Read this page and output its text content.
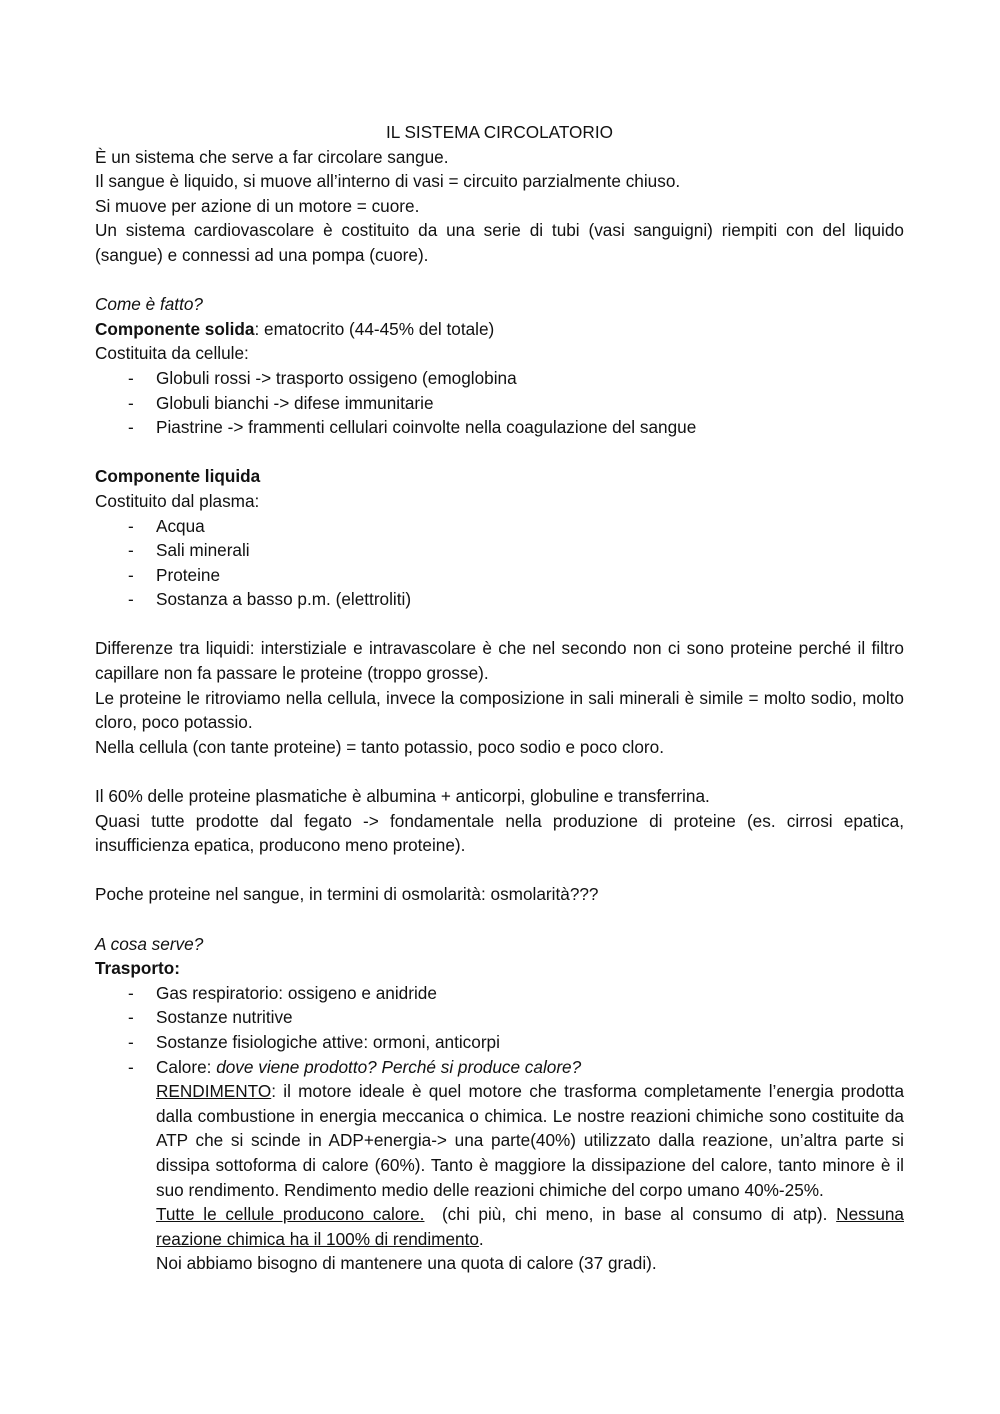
IL SISTEMA CIRCOLATORIO

È un sistema che serve a far circolare sangue.

Il sangue è liquido, si muove all’interno di vasi = circuito parzialmente chiuso.

Si muove per azione di un motore = cuore.

Un sistema cardiovascolare è costituito da una serie di tubi (vasi sanguigni) riempiti con del liquido (sangue) e connessi ad una pompa (cuore).

Come è fatto?

Componente solida: ematocrito (44-45% del totale)

Costituita da cellule:

- Globuli rossi -> trasporto ossigeno (emoglobina
- Globuli bianchi -> difese immunitarie
- Piastrine -> frammenti cellulari coinvolte nella coagulazione del sangue

Componente liquida

Costituito dal plasma:

- Acqua
- Sali minerali
- Proteine
- Sostanza a basso p.m. (elettroliti)

Differenze tra liquidi: interstiziale e intravascolare è che nel secondo non ci sono proteine perché il filtro capillare non fa passare le proteine (troppo grosse).

Le proteine le ritroviamo nella cellula, invece la composizione in sali minerali è simile = molto sodio, molto cloro, poco potassio.

Nella cellula (con tante proteine) = tanto potassio, poco sodio e poco cloro.

Il 60% delle proteine plasmatiche è albumina + anticorpi, globuline e transferrina.

Quasi tutte prodotte dal fegato -> fondamentale nella produzione di proteine (es. cirrosi epatica, insufficienza epatica, producono meno proteine).

Poche proteine nel sangue, in termini di osmolarità: osmolarità???

A cosa serve?

Trasporto:

- Gas respiratorio: ossigeno e anidride
- Sostanze nutritive
- Sostanze fisiologiche attive: ormoni, anticorpi
- Calore: dove viene prodotto? Perché si produce calore?

RENDIMENTO: il motore ideale è quel motore che trasforma completamente l’energia prodotta dalla combustione in energia meccanica o chimica. Le nostre reazioni chimiche sono costituite da ATP che si scinde in ADP+energia-> una parte(40%) utilizzato dalla reazione, un’altra parte si dissipa sottoforma di calore (60%). Tanto è maggiore la dissipazione del calore, tanto minore è il suo rendimento. Rendimento medio delle reazioni chimiche del corpo umano 40%-25%.

Tutte le cellule producono calore.  (chi più, chi meno, in base al consumo di atp). Nessuna reazione chimica ha il 100% di rendimento.

Noi abbiamo bisogno di mantenere una quota di calore (37 gradi).
